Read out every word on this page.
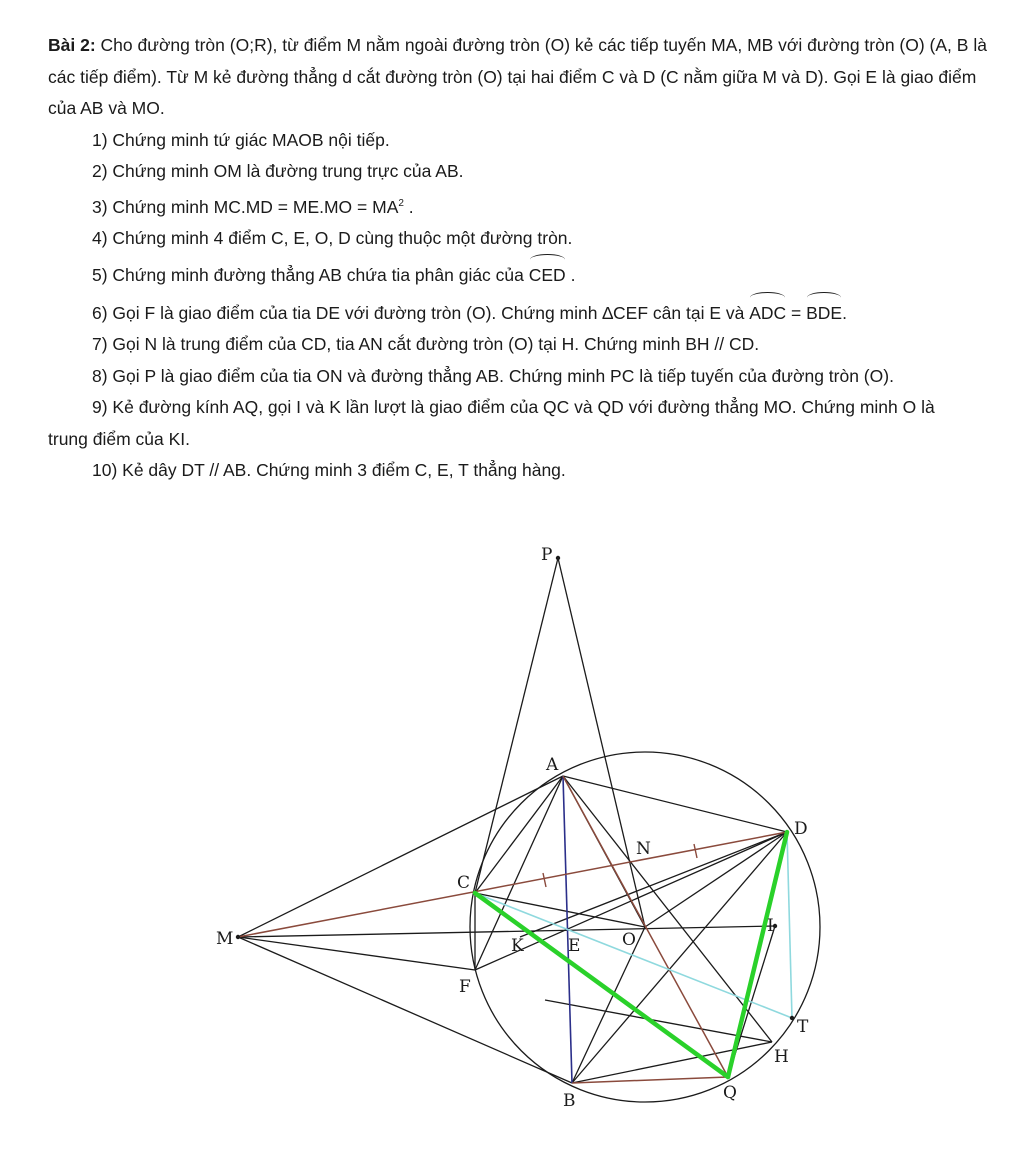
Bài 2: Cho đường tròn (O;R), từ điểm M nằm ngoài đường tròn (O) kẻ các tiếp tuyến MA, MB với đường tròn (O) (A, B là các tiếp điểm). Từ M kẻ đường thẳng d cắt đường tròn (O) tại hai điểm C và D (C nằm giữa M và D). Gọi E là giao điểm của AB và MO.

1) Chứng minh tứ giác MAOB nội tiếp.
2) Chứng minh OM là đường trung trực của AB.
3) Chứng minh $MC.MD = ME.MO = MA^2$ .
4) Chứng minh 4 điểm C, E, O, D cùng thuộc một đường tròn.
5) Chứng minh đường thẳng AB chứa tia phân giác của CED .
6) Gọi F là giao điểm của tia DE với đường tròn (O). Chứng minh ∆CEF cân tại E và ADC = BDE.
7) Gọi N là trung điểm của CD, tia AN cắt đường tròn (O) tại H. Chứng minh BH // CD.
8) Gọi P là giao điểm của tia ON và đường thẳng AB. Chứng minh PC là tiếp tuyến của đường tròn (O).
9) Kẻ đường kính AQ, gọi I và K lần lượt là giao điểm của QC và QD với đường thẳng MO. Chứng minh O là
trung điểm của KI.
10) Kẻ dây DT // AB. Chứng minh 3 điểm C, E, T thẳng hàng.
P
A
D
N
C
M	K	E O
I
F
T
H
B	Q
